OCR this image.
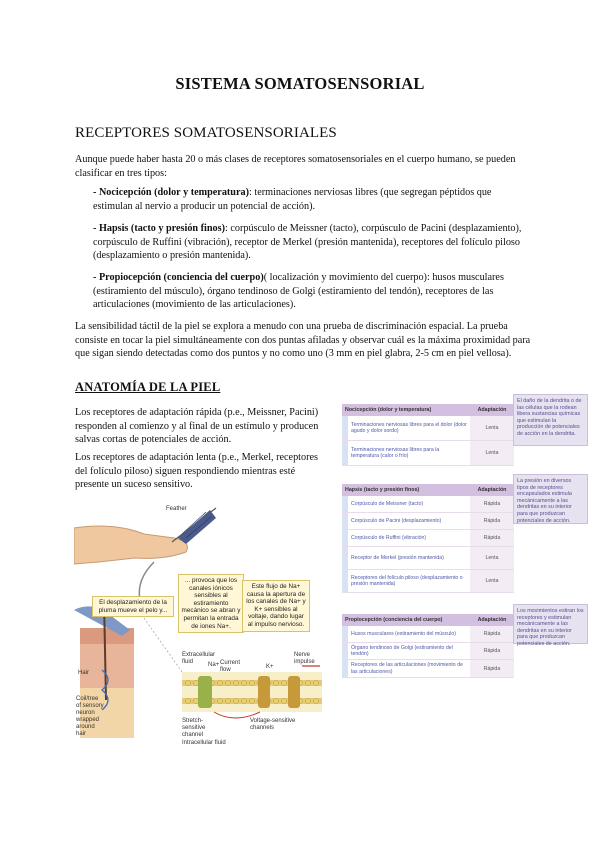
SISTEMA SOMATOSENSORIAL
RECEPTORES SOMATOSENSORIALES

Aunque puede haber hasta 20 o más clases de receptores somatosensoriales en el cuerpo humano, se pueden clasificar en tres tipos:

- Nocicepción (dolor y temperatura): terminaciones nerviosas libres (que segregan péptidos que estimulan al nervio a producir un potencial de acción).

- Hapsis (tacto y presión finos): corpúsculo de Meissner (tacto), corpúsculo de Pacini (desplazamiento), corpúsculo de Ruffini (vibración), receptor de Merkel (presión mantenida), receptores del folículo piloso (desplazamiento o presión mantenida).

- Propiocepción (conciencia del cuerpo)( localización y movimiento del cuerpo): husos musculares (estiramiento del músculo), órgano tendinoso de Golgi (estiramiento del tendón), receptores de las articulaciones (movimiento de las articulaciones).

La sensibilidad táctil de la piel se explora a menudo con una prueba de discriminación espacial. La prueba consiste en tocar la piel simultáneamente con dos puntas afiladas y observar cuál es la máxima proximidad para que sigan siendo detectadas como dos puntos y no como uno (3 mm en piel glabra, 2-5 cm en piel vellosa).

ANATOMÍA DE LA PIEL

Los receptores de adaptación rápida (p.e., Meissner, Pacini) responden al comienzo y al final de un estímulo y producen salvas cortas de potenciales de acción.

Los receptores de adaptación lenta (p.e., Merkel, receptores del folículo piloso) siguen respondiendo mientras esté presente un suceso sensitivo.

Feather
El desplazamiento de la pluma mueve el pelo y...
... provoca que los canales iónicos sensibles al estiramiento mecánico se abran y permitan la entrada de iones Na+.
Este flujo de Na+ causa la apertura de los canales de Na+ y K+ sensibles al voltaje, dando lugar al impulso nervioso.
Hair
Coil/tree of sensory neuron wrapped around hair
Extracellular fluid	Current flow
Nerve impulse
Na+	K+
Stretch-sensitive channel
Voltage-sensitive channels
Intracellular fluid
Nocicepción (dolor y temperatura)		Adaptación
	Terminaciones nerviosas libres para el dolor (dolor agudo y dolor sordo)	Lenta
	Terminaciones nerviosas libres para la temperatura (calor o frío)	Lenta
El daño de la dendrita o de las células que la rodean libera sustancias químicas que estimulan la producción de potenciales de acción en la dendrita.
Hapsis (tacto y presión finos)		Adaptación
	Corpúsculo de Meissner (tacto)	Rápida
	Corpúsculo de Pacini (desplazamiento)	Rápida
	Corpúsculo de Ruffini (vibración)	Rápida
	Receptor de Merkel (presión mantenida)	Lenta
	Receptores del folículo piloso (desplazamiento o presión mantenida)	Lenta
La presión en diversos tipos de receptores encapsulados estimula mecánicamente a las dendritas en su interior para que produzcan potenciales de acción.
Propiocepción (conciencia del cuerpo)		Adaptación
	Husos musculares (estiramiento del músculo)	Rápida
	Órgano tendinoso de Golgi (estiramiento del tendón)	Rápida
	Receptores de las articulaciones (movimiento de las articulaciones)	Rápida
Los movimientos estiran los receptores y estimulan mecánicamente a las dendritas en su interior para que produzcan potenciales de acción.
